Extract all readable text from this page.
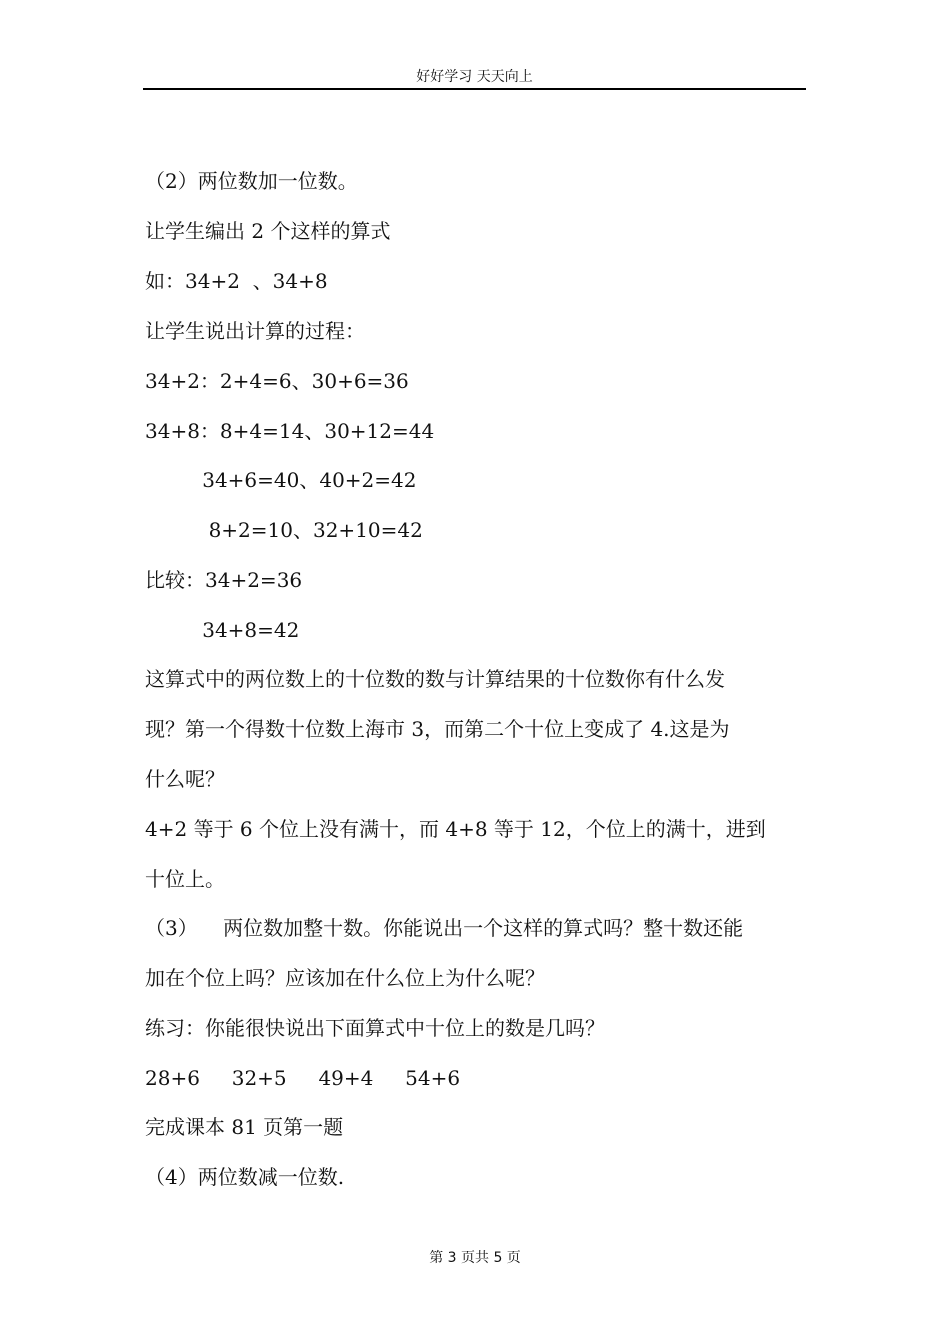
好好学习 天天向上
（2）两位数加一位数。
让学生编出 2 个这样的算式
如：34+2  、34+8
让学生说出计算的过程：
34+2：2+4=6、30+6=36
34+8：8+4=14、30+12=44
34+6=40、40+2=42
8+2=10、32+10=42
比较：34+2=36
34+8=42
这算式中的两位数上的十位数的数与计算结果的十位数你有什么发
现？第一个得数十位数上海市 3，而第二个十位上变成了 4.这是为
什么呢？
4+2 等于 6 个位上没有满十，而 4+8 等于 12，个位上的满十，进到
十位上。
（3）    两位数加整十数。你能说出一个这样的算式吗？整十数还能
加在个位上吗？应该加在什么位上为什么呢？
练习：你能很快说出下面算式中十位上的数是几吗？
28+6     32+5     49+4     54+6
完成课本 81 页第一题
（4）两位数减一位数.
第 3 页共 5 页
